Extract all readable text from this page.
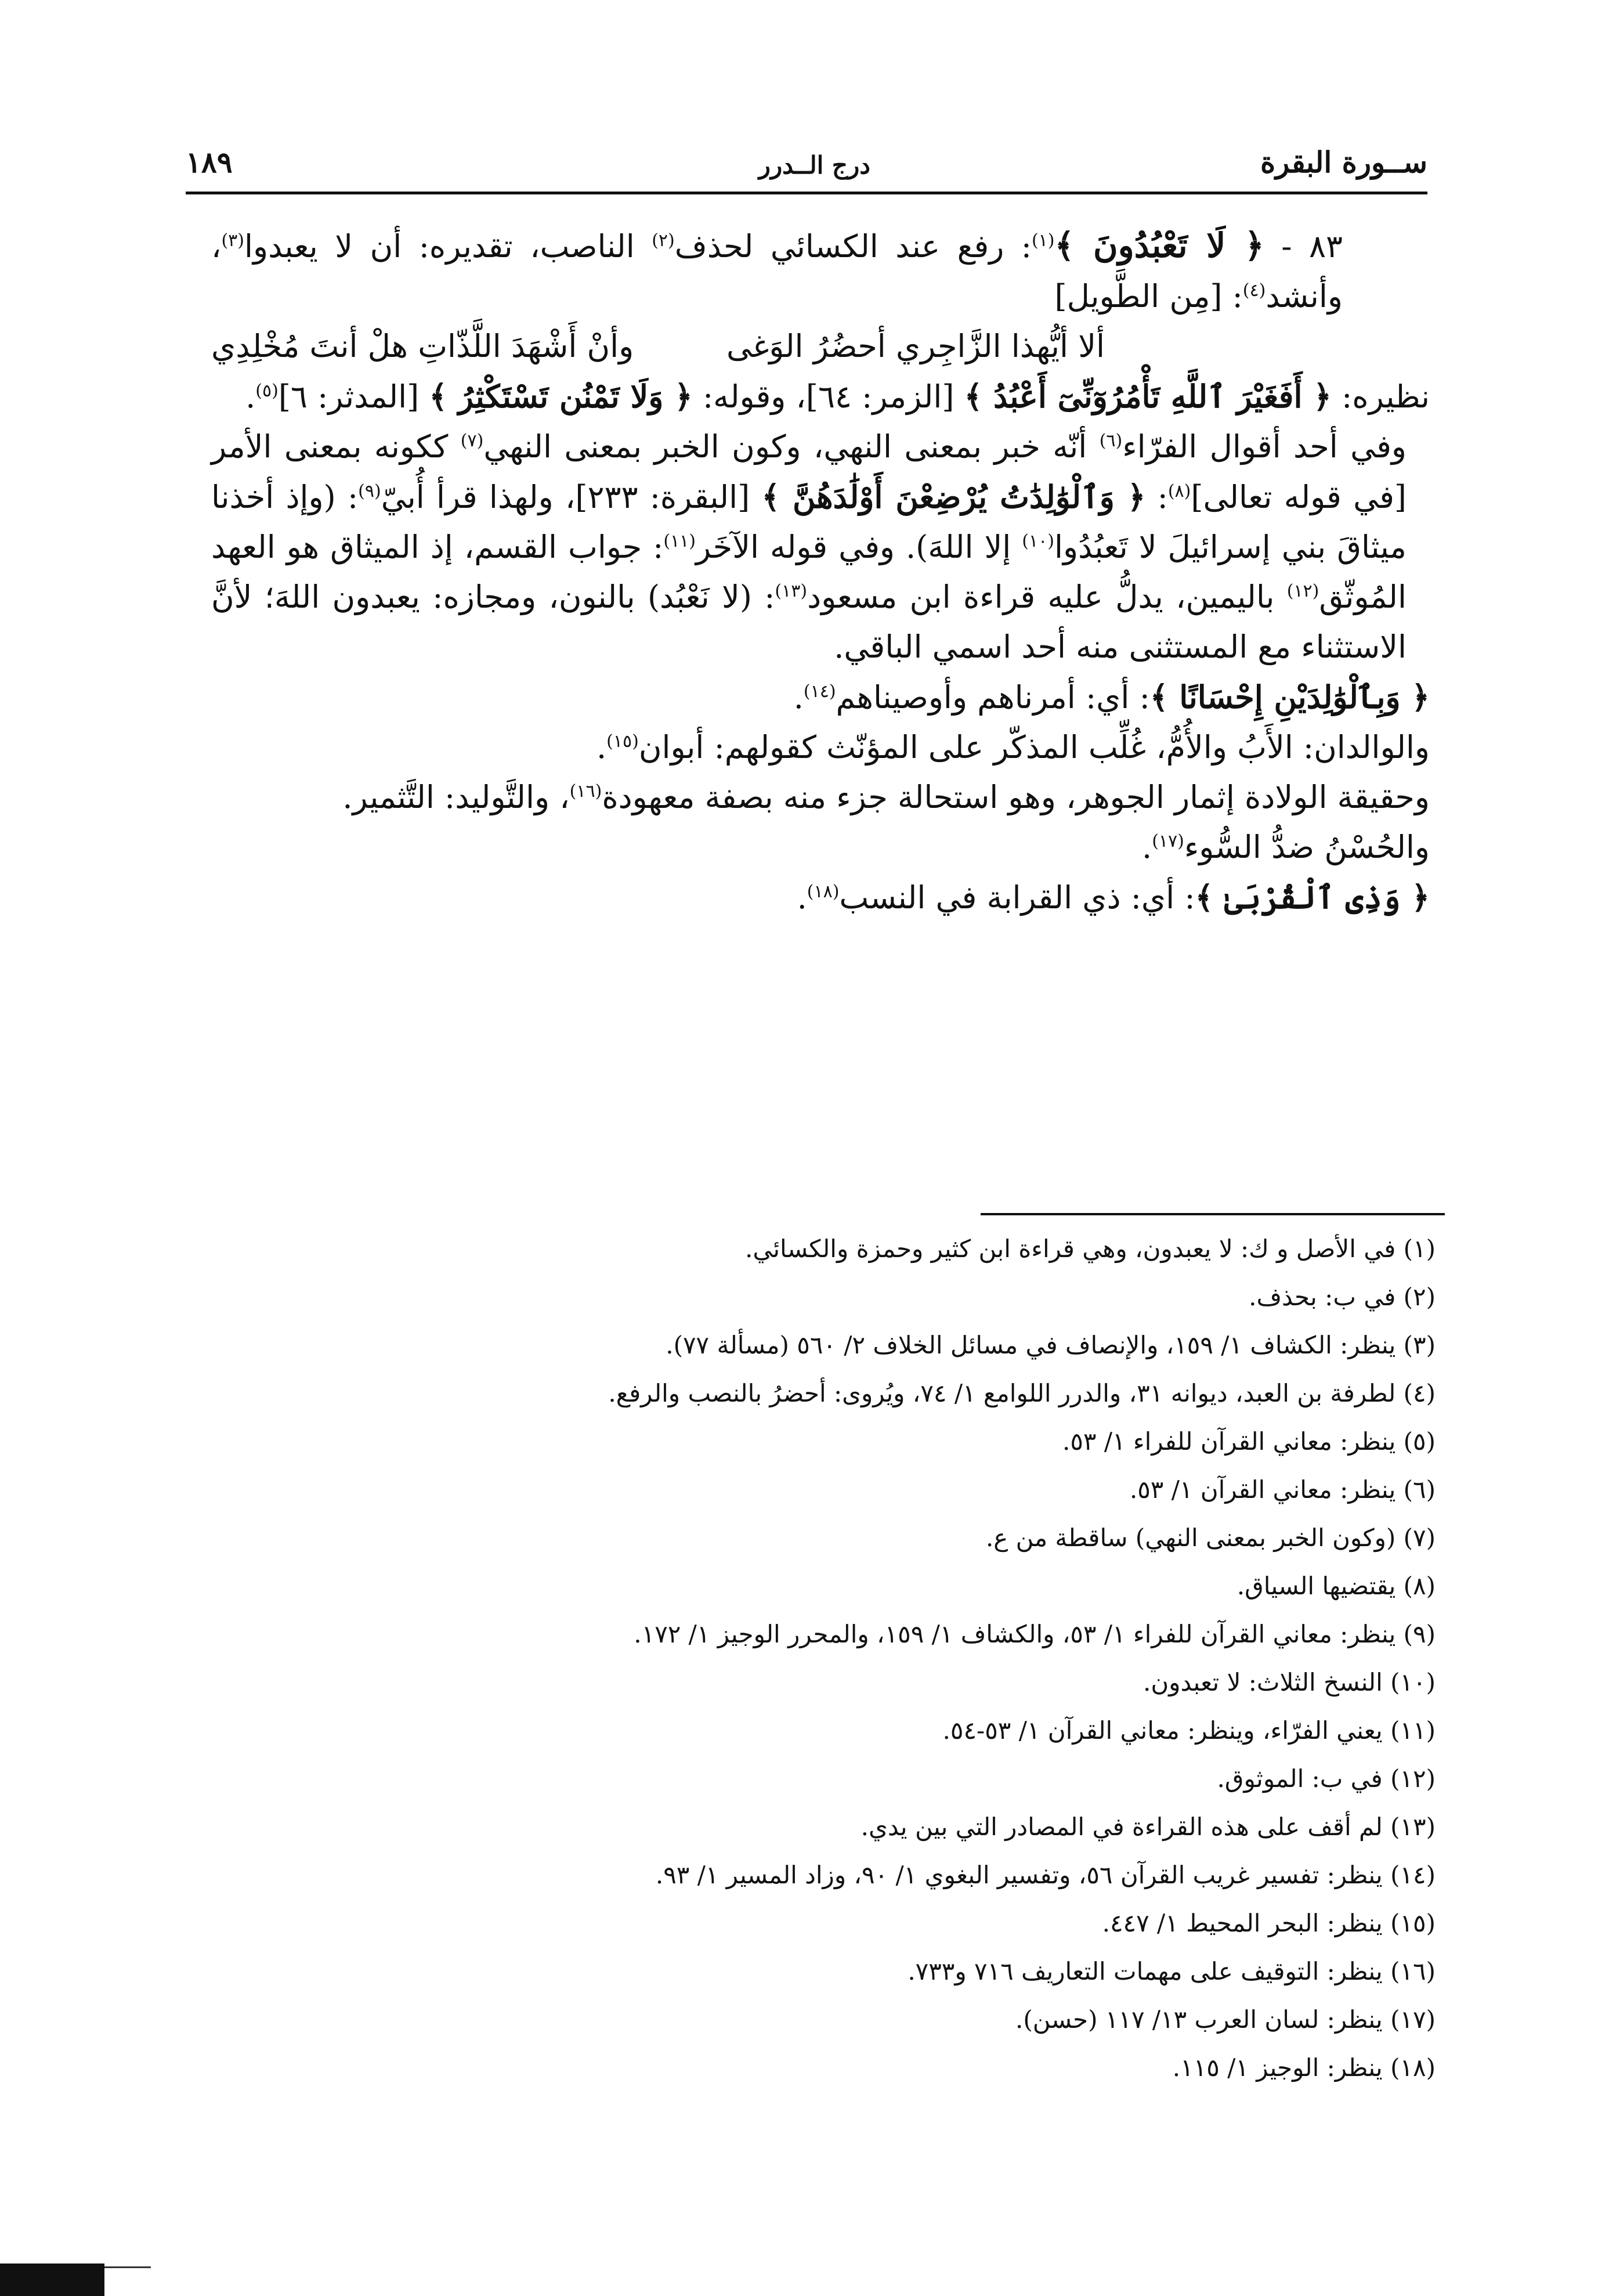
ســورة البقرة
درج الــدرر
١٨٩

٨٣ - ﴿ لَا تَعْبُدُونَ ﴾$^{(١)}$: رفع عند الكسائي لحذف$^{(٢)}$ الناصب، تقديره: أن لا يعبدوا$^{(٣)}$، وأنشد$^{(٤)}$: [مِن الطَّويل]

ألا أيُّهذا الزَّاجِري أحضُرُ الوَغى
وأنْ أَشْهَدَ اللَّذّاتِ هلْ أنتَ مُخْلِدِي

نظيره: ﴿ أَفَغَيْرَ ٱللَّهِ تَأْمُرُوٓنِّىٓ أَعْبُدُ ﴾ [الزمر: ٦٤]، وقوله: ﴿ وَلَا تَمْنُن تَسْتَكْثِرُ ﴾ [المدثر: ٦]$^{(٥)}$.

وفي أحد أقوال الفرّاء$^{(٦)}$ أنّه خبر بمعنى النهي، وكون الخبر بمعنى النهي$^{(٧)}$ ككونه بمعنى الأمر [في قوله تعالى]$^{(٨)}$: ﴿ وَٱلْوَٰلِدَٰتُ يُرْضِعْنَ أَوْلَٰدَهُنَّ ﴾ [البقرة: ٢٣٣]، ولهذا قرأ أُبيّ$^{(٩)}$: (وإذ أخذنا ميثاقَ بني إسرائيلَ لا تَعبُدُوا$^{(١٠)}$ إلا اللهَ). وفي قوله الآخَر$^{(١١)}$: جواب القسم، إذ الميثاق هو العهد المُوثّق$^{(١٢)}$ باليمين، يدلُّ عليه قراءة ابن مسعود$^{(١٣)}$: (لا نَعْبُد) بالنون، ومجازه: يعبدون اللهَ؛ لأنَّ الاستثناء مع المستثنى منه أحد اسمي الباقي.

﴿ وَبِٱلْوَٰلِدَيْنِ إِحْسَانًا ﴾: أي: أمرناهم وأوصيناهم$^{(١٤)}$.

والوالدان: الأَبُ والأُمُّ، غُلِّب المذكّر على المؤنّث كقولهم: أبوان$^{(١٥)}$.

وحقيقة الولادة إثمار الجوهر، وهو استحالة جزء منه بصفة معهودة$^{(١٦)}$، والتَّوليد: التَّثمير.

والحُسْنُ ضدُّ السُّوء$^{(١٧)}$.

﴿ وَذِى ٱلْقُرْبَىٰ ﴾: أي: ذي القرابة في النسب$^{(١٨)}$.

(١) في الأصل و ك: لا يعبدون، وهي قراءة ابن كثير وحمزة والكسائي.
(٢) في ب: بحذف.
(٣) ينظر: الكشاف ١/ ١٥٩، والإنصاف في مسائل الخلاف ٢/ ٥٦٠ (مسألة ٧٧).
(٤) لطرفة بن العبد، ديوانه ٣١، والدرر اللوامع ١/ ٧٤، ويُروى: أحضرُ بالنصب والرفع.
(٥) ينظر: معاني القرآن للفراء ١/ ٥٣.
(٦) ينظر: معاني القرآن ١/ ٥٣.
(٧) (وكون الخبر بمعنى النهي) ساقطة من ع.
(٨) يقتضيها السياق.
(٩) ينظر: معاني القرآن للفراء ١/ ٥٣، والكشاف ١/ ١٥٩، والمحرر الوجيز ١/ ١٧٢.
(١٠) النسخ الثلاث: لا تعبدون.
(١١) يعني الفرّاء، وينظر: معاني القرآن ١/ ٥٣-٥٤.
(١٢) في ب: الموثوق.
(١٣) لم أقف على هذه القراءة في المصادر التي بين يدي.
(١٤) ينظر: تفسير غريب القرآن ٥٦، وتفسير البغوي ١/ ٩٠، وزاد المسير ١/ ٩٣.
(١٥) ينظر: البحر المحيط ١/ ٤٤٧.
(١٦) ينظر: التوقيف على مهمات التعاريف ٧١٦ و٧٣٣.
(١٧) ينظر: لسان العرب ١٣/ ١١٧ (حسن).
(١٨) ينظر: الوجيز ١/ ١١٥.
